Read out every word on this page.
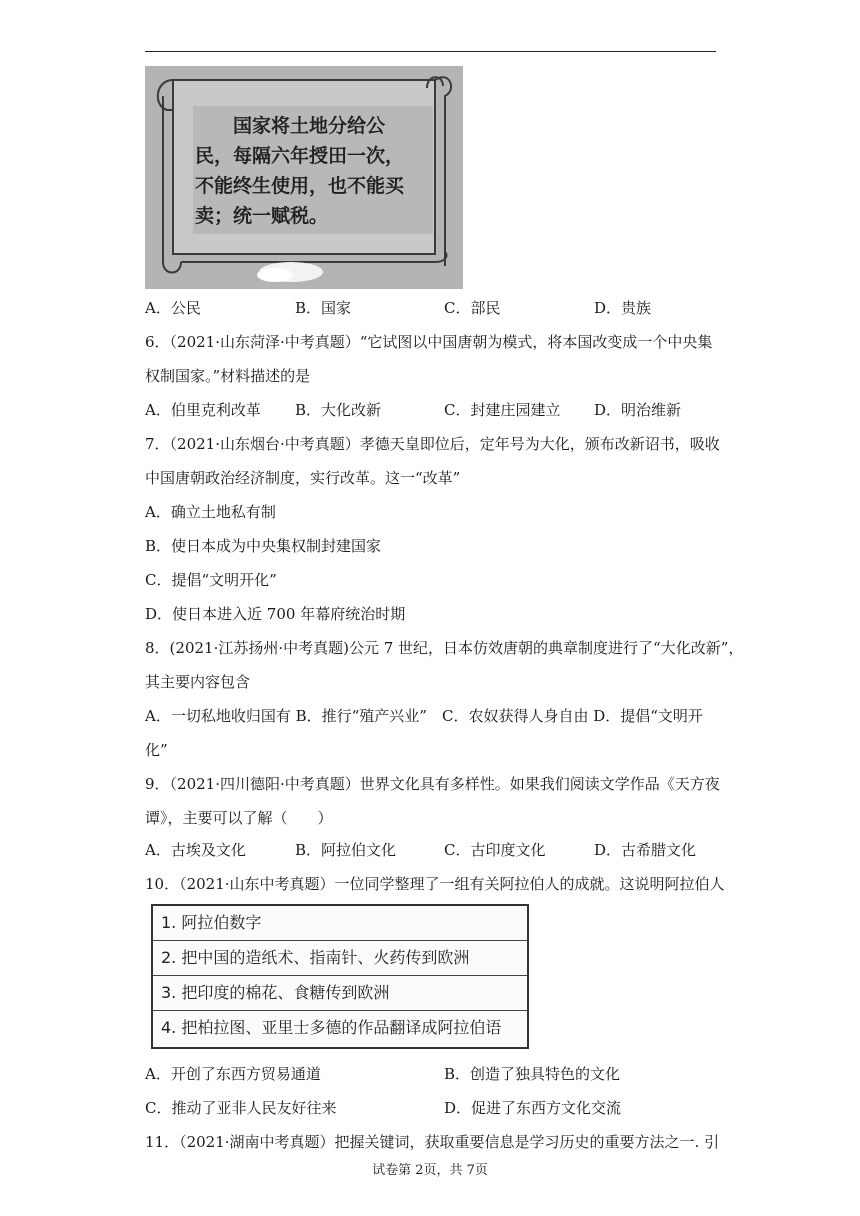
国家将土地分给公
民，每隔六年授田一次，
不能终生使用，也不能买
卖；统一赋税。
A．公民	B．国家	C．部民	D．贵族
6．（2021·山东菏泽·中考真题）“它试图以中国唐朝为模式，将本国改变成一个中央集
权制国家。”材料描述的是
A．伯里克利改革 B．大化改新	C．封建庄园建立 D．明治维新
7．（2021·山东烟台·中考真题）孝德天皇即位后，定年号为大化，颁布改新诏书，吸收
中国唐朝政治经济制度，实行改革。这一“改革”
A．确立土地私有制
B．使日本成为中央集权制封建国家
C．提倡“文明开化”
D．使日本进入近 700 年幕府统治时期
8．(2021·江苏扬州·中考真题)公元 7 世纪，日本仿效唐朝的典章制度进行了“大化改新”，
其主要内容包含
A．一切私地收归国有 B．推行“殖产兴业”　C．农奴获得人身自由 D．提倡“文明开
化”
9．（2021·四川德阳·中考真题）世界文化具有多样性。如果我们阅读文学作品《天方夜
谭》，主要可以了解（　　）
A．古埃及文化	B．阿拉伯文化	C．古印度文化	D．古希腊文化
10．（2021·山东中考真题）一位同学整理了一组有关阿拉伯人的成就。这说明阿拉伯人
1. 阿拉伯数字
2. 把中国的造纸术、指南针、火药传到欧洲
3. 把印度的棉花、食糖传到欧洲
4. 把柏拉图、亚里士多德的作品翻译成阿拉伯语
A．开创了东西方贸易通道	B．创造了独具特色的文化
C．推动了亚非人民友好往来	D．促进了东西方文化交流
11．（2021·湖南中考真题）把握关键词，获取重要信息是学习历史的重要方法之一. 引
试卷第 2页，共 7页
